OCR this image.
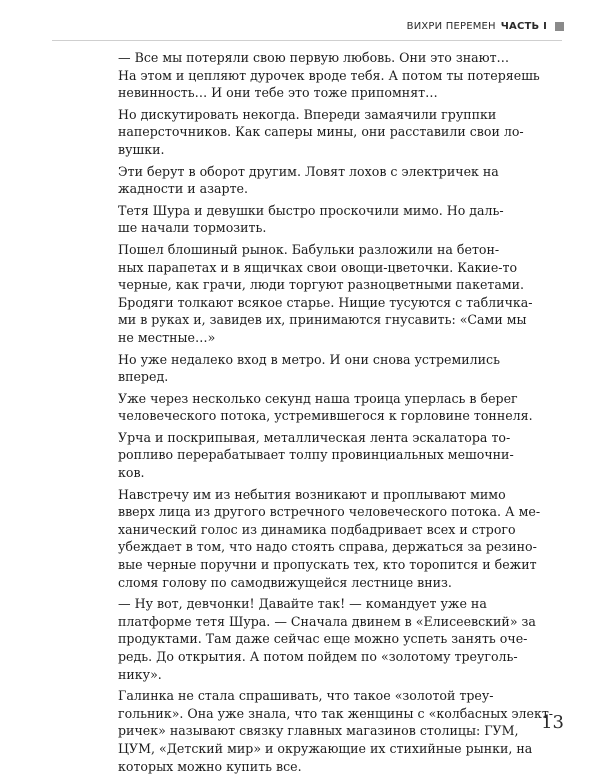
ВИХРИ ПЕРЕМЕН ЧАСТЬ I

— Все мы потеряли свою первую любовь. Они это знают…
На этом и цепляют дурочек вроде тебя. А потом ты потеряешь
невинность… И они тебе это тоже припомнят…

Но дискутировать некогда. Впереди замаячили группки
наперсточников. Как саперы мины, они расставили свои ло-
вушки.

Эти берут в оборот другим. Ловят лохов с электричек на
жадности и азарте.

Тетя Шура и девушки быстро проскочили мимо. Но даль-
ше начали тормозить.

Пошел блошиный рынок. Бабульки разложили на бетон-
ных парапетах и в ящичках свои овощи-цветочки. Какие-то
черные, как грачи, люди торгуют разноцветными пакетами.
Бродяги толкают всякое старье. Нищие тусуются с табличка-
ми в руках и, завидев их, принимаются гнусавить: «Сами мы
не местные…»

Но уже недалеко вход в метро. И они снова устремились
вперед.

Уже через несколько секунд наша троица уперлась в берег
человеческого потока, устремившегося к горловине тоннеля.

Урча и поскрипывая, металлическая лента эскалатора то-
ропливо перерабатывает толпу провинциальных мешочни-
ков.

Навстречу им из небытия возникают и проплывают мимо
вверх лица из другого встречного человеческого потока. А ме-
ханический голос из динамика подбадривает всех и строго
убеждает в том, что надо стоять справа, держаться за резино-
вые черные поручни и пропускать тех, кто торопится и бежит
сломя голову по самодвижущейся лестнице вниз.

— Ну вот, девчонки! Давайте так! — командует уже на
платформе тетя Шура. — Сначала двинем в «Елисеевский» за
продуктами. Там даже сейчас еще можно успеть занять оче-
редь. До открытия. А потом пойдем по «золотому треуголь-
нику».

Галинка не стала спрашивать, что такое «золотой треу-
гольник». Она уже знала, что так женщины с «колбасных элект-
ричек» называют связку главных магазинов столицы: ГУМ,
ЦУМ, «Детский мир» и окружающие их стихийные рынки, на
которых можно купить все.

13
